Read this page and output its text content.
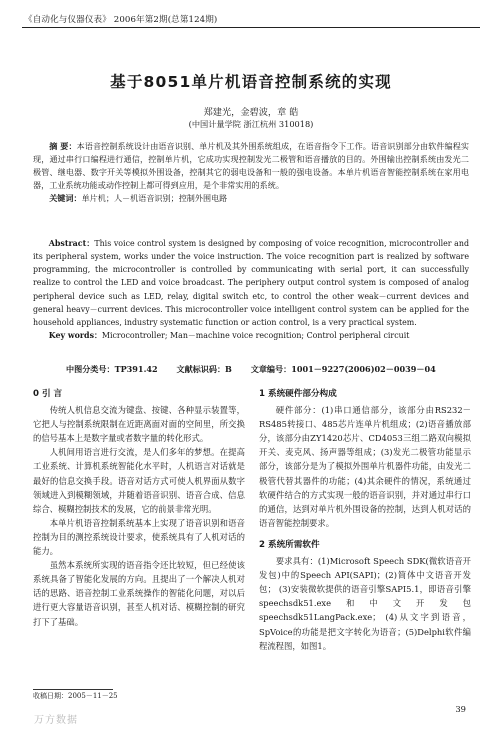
《自动化与仪器仪表》 2006年第2期(总第124期)
基于8051单片机语音控制系统的实现
郑建光，金碧波，章 皓
(中国计量学院 浙江杭州 310018)

摘 要：本语音控制系统设计由语音识别、单片机及其外围系统组成，在语音指令下工作。语音识别部分由软件编程实现，通过串行口编程进行通信，控制单片机，它成功实现控制发光二极管和语音播放的目的。外围输出控制系统由发光二极管、继电器、数字开关等模拟外围设备，控制其它的弱电设备和一般的强电设备。本单片机语音智能控制系统在家用电器，工业系统功能或动作控制上都可得到应用，是个非常实用的系统。

关键词：单片机；人－机语音识别；控制外围电路

Abstract：This voice control system is designed by composing of voice recognition, microcontroller and its peripheral system, works under the voice instruction. The voice recognition part is realized by software programming, the microcontroller is controlled by communicating with serial port, it can successfully realize to control the LED and voice broadcast. The periphery output control system is composed of analog peripheral device such as LED, relay, digital switch etc, to control the other weak－current devices and general heavy－current devices. This microcontroller voice intelligent control system can be applied for the household appliances, industry systematic function or action control, is a very practical system.

Key words：Microcontroller; Man－machine voice recognition; Control peripheral circuit

中图分类号：TP391.42 文献标识码：B 文章编号：1001－9227(2006)02－0039－04
0 引 言

传统人机信息交流为键盘、按键、各种显示装置等，它把人与控制系统限制在近距离面对面的空间里，所交换的信号基本上是数字量或者数字量的转化形式。

人机间用语言进行交流，是人们多年的梦想。在提高工业系统、计算机系统智能化水平时，人机语言对话就是最好的信息交换手段。语音对话方式可使人机界面从数字领域进入到模糊领域，并随着语音识别、语音合成、信息综合、模糊控制技术的发展，它的前景非常光明。

本单片机语音控制系统基本上实现了语音识别和语音控制为目的测控系统设计要求，使系统具有了人机对话的能力。

虽然本系统所实现的语音指令还比较短，但已经使该系统具备了智能化发展的方向。且提出了一个解决人机对话的思路、语音控制工业系统操作的智能化问题，对以后进行更大容量语音识别，甚至人机对话、模糊控制的研究打下了基础。

1 系统硬件部分构成

硬件部分：(1)串口通信部分，该部分由RS232－RS485转接口、485芯片连单片机组成；(2)语音播放部分，该部分由ZY1420芯片、CD4053三组二路双向模拟开关、麦克风、扬声器等组成；(3)发光二极管功能显示部分，该部分是为了模拟外围单片机器件功能，由发光二极管代替其器件的功能；(4)其余硬件的情况，系统通过软硬件结合的方式实现一般的语音识别，并对通过串行口的通信，达到对单片机外围设备的控制，达到人机对话的语音智能控制要求。

2 系统所需软件

要求具有：(1)Microsoft Speech SDK(微软语音开发包)中的Speech API(SAPI)；(2)简体中文语音开发包； (3)安装微软提供的语音引擎SAPI5.1，即语音引擎speechsdk51.exe和中文开发包speechsdk51LangPack.exe； (4)从文字到语音，SpVoice的功能是把文字转化为语音；(5)Delphi软件编程流程图，如图1。

收稿日期：2005－11－25
39
万方数据
